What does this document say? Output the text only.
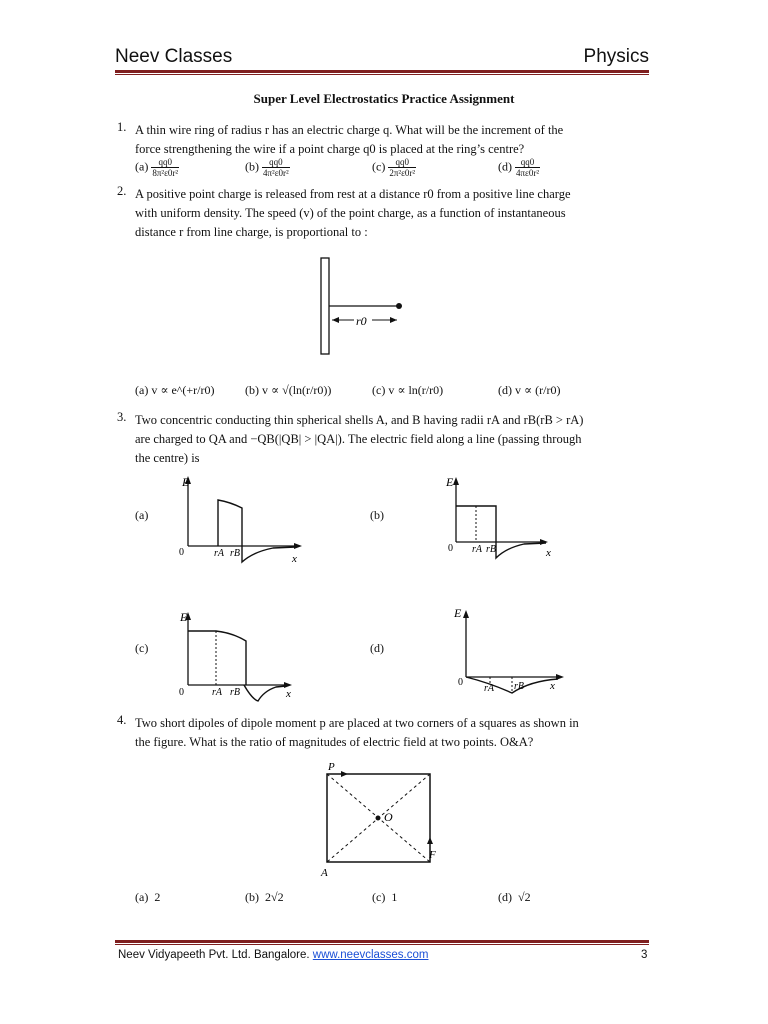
Neev Classes	Physics
Super Level Electrostatics Practice Assignment
1. A thin wire ring of radius r has an electric charge q. What will be the increment of the
force strengthening the wire if a point charge q0 is placed at the ring’s centre?
$(a) \frac{qq0}{\text{8π²ε0r²}}$	$(b) \frac{qq0}{\text{4π²ε0r²}}$	$(c) \frac{qq0}{\text{2π²ε0r²}}$	$(d) \frac{qq0}{\text{4πε0r²}}$
2. A positive point charge is released from rest at a distance r0 from a positive line charge
with uniform density. The speed (v) of the point charge, as a function of instantaneous
distance r from line charge, is proportional to :
r0
(a) v ∝ e^(+r/r0)	(b) v ∝ √(ln(r/r0))	(c) v ∝ ln(r/r0)	(d) v ∝ (r/r0)
3. Two concentric conducting thin spherical shells A, and B having radii rA and rB(rB > rA)
are charged to QA and −QB(|QB| > |QA|). The electric field along a line (passing through
the centre) is
(a)	(b)
(c)	(d)
E
0	rA rB	x
E
0 rA rB	x
E
0	rA rB	x
E
0
rA rB x
4. Two short dipoles of dipole moment p are placed at two corners of a squares as shown in
the figure. What is the ratio of magnitudes of electric field at two points. O&A?
P
O
A
F
(a) 2	(b) 2√2	(c) 1	(d) √2
Neev Vidyapeeth Pvt. Ltd. Bangalore. www.neevclasses.com	3
